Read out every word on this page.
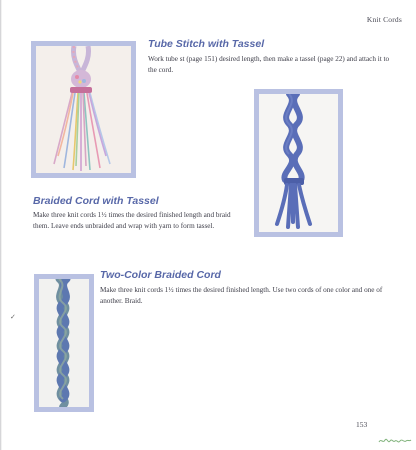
Knit Cords
Tube Stitch with Tassel

Work tube st (page 151) desired length, then make a tassel (page 22) and attach it to the cord.

Braided Cord with Tassel

Make three knit cords 1½ times the desired finished length and braid them. Leave ends unbraided and wrap with yarn to form tassel.

Two-Color Braided Cord

Make three knit cords 1½ times the desired finished length. Use two cords of one color and one of another. Braid.

✓
153
